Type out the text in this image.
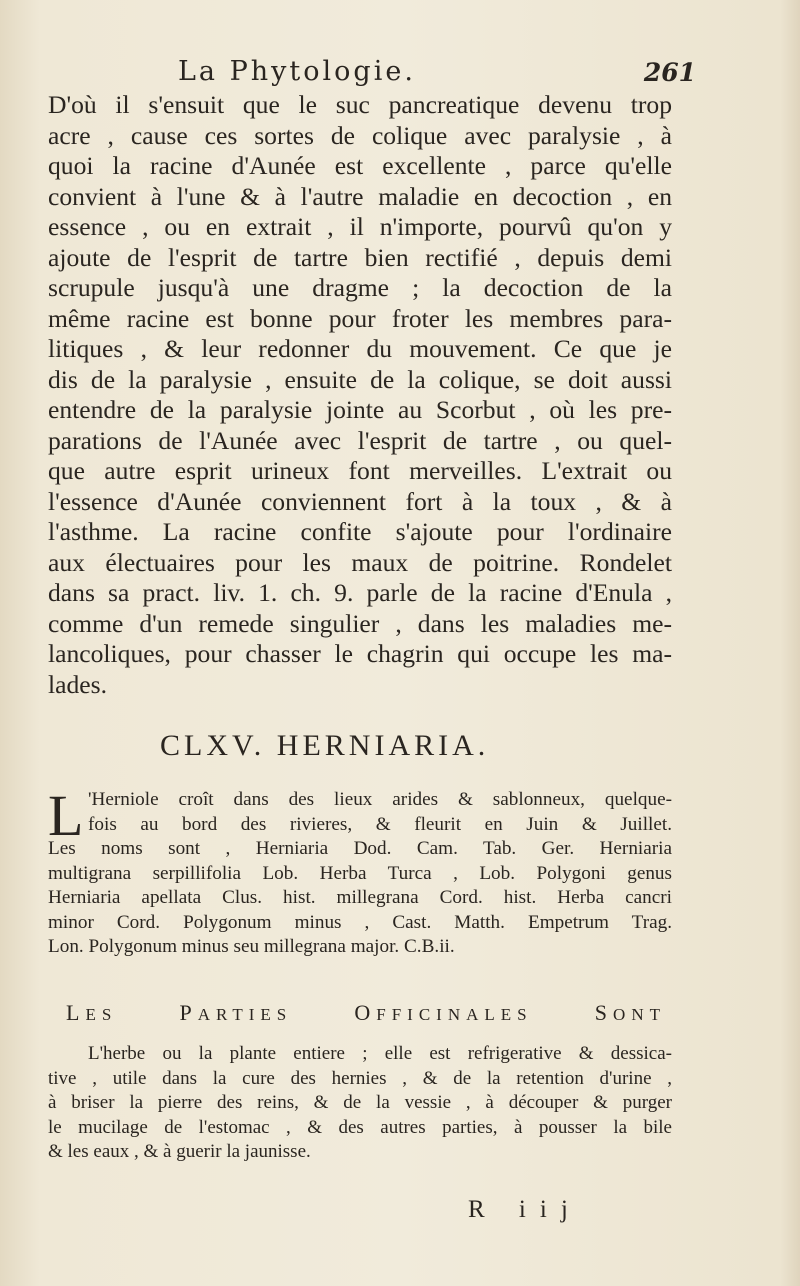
La Phytologie.	261
D'où il s'ensuit que le suc pancreatique devenu trop
acre , cause ces sortes de colique avec paralysie , à
quoi la racine d'Aunée est excellente , parce qu'elle
convient à l'une & à l'autre maladie en decoction , en
essence , ou en extrait , il n'importe, pourvû qu'on y
ajoute de l'esprit de tartre bien rectifié , depuis demi
scrupule jusqu'à une dragme ; la decoction de la
même racine est bonne pour froter les membres para-
litiques , & leur redonner du mouvement. Ce que je
dis de la paralysie , ensuite de la colique, se doit aussi
entendre de la paralysie jointe au Scorbut , où les pre-
parations de l'Aunée avec l'esprit de tartre , ou quel-
que autre esprit urineux font merveilles. L'extrait ou
l'essence d'Aunée conviennent fort à la toux , & à
l'asthme. La racine confite s'ajoute pour l'ordinaire
aux électuaires pour les maux de poitrine. Rondelet
dans sa pract. liv. 1. ch. 9. parle de la racine d'Enula ,
comme d'un remede singulier , dans les maladies me-
lancoliques, pour chasser le chagrin qui occupe les ma-
lades.
CLXV. HERNIARIA.
L 'Herniole croît dans des lieux arides & sablonneux, quelque-
fois au bord des rivieres, & fleurit en Juin & Juillet.
Les noms sont , Herniaria Dod. Cam. Tab. Ger. Herniaria
multigrana serpillifolia Lob. Herba Turca , Lob. Polygoni genus
Herniaria apellata Clus. hist. millegrana Cord. hist. Herba cancri
minor Cord. Polygonum minus , Cast. Matth. Empetrum Trag.
Lon. Polygonum minus seu millegrana major. C.B.ii.
LES	PARTIES	OFFICINALES	SONT
L'herbe ou la plante entiere ; elle est refrigerative & dessica-
tive , utile dans la cure des hernies , & de la retention d'urine ,
à briser la pierre des reins, & de la vessie , à découper & purger
le mucilage de l'estomac , & des autres parties, à pousser la bile
& les eaux , & à guerir la jaunisse.
R iij
